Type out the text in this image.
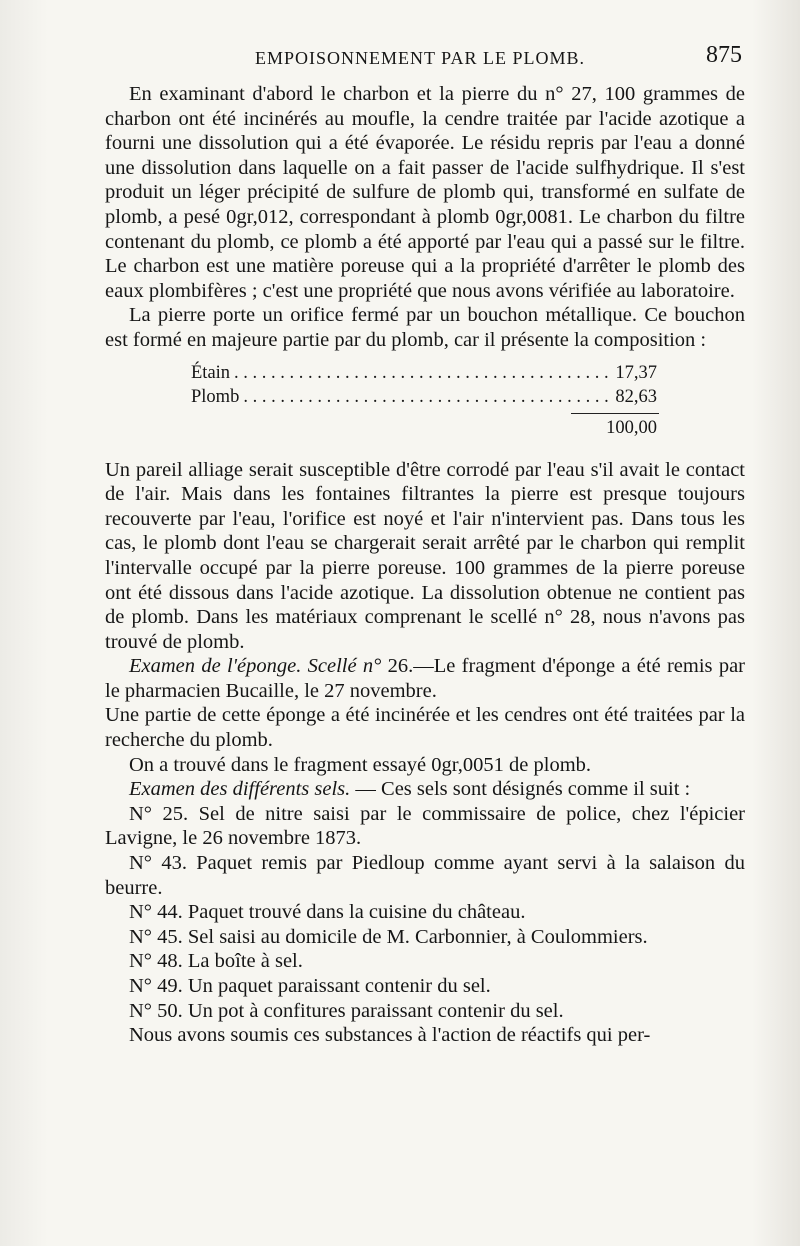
EMPOISONNEMENT PAR LE PLOMB.	875

En examinant d'abord le charbon et la pierre du n° 27, 100 grammes de charbon ont été incinérés au moufle, la cendre traitée par l'acide azotique a fourni une dissolution qui a été évaporée. Le résidu repris par l'eau a donné une dissolution dans laquelle on a fait passer de l'acide sulfhydrique. Il s'est produit un léger précipité de sulfure de plomb qui, transformé en sulfate de plomb, a pesé 0gr,012, correspondant à plomb 0gr,0081. Le charbon du filtre contenant du plomb, ce plomb a été apporté par l'eau qui a passé sur le filtre. Le charbon est une matière poreuse qui a la propriété d'arrêter le plomb des eaux plombifères ; c'est une propriété que nous avons vérifiée au laboratoire.

La pierre porte un orifice fermé par un bouchon métallique. Ce bouchon est formé en majeure partie par du plomb, car il présente la composition :

Étain . . .	17,37
Plomb . . .	82,63
100,00

Un pareil alliage serait susceptible d'être corrodé par l'eau s'il avait le contact de l'air. Mais dans les fontaines filtrantes la pierre est presque toujours recouverte par l'eau, l'orifice est noyé et l'air n'intervient pas. Dans tous les cas, le plomb dont l'eau se chargerait serait arrêté par le charbon qui remplit l'intervalle occupé par la pierre poreuse. 100 grammes de la pierre poreuse ont été dissous dans l'acide azotique. La dissolution obtenue ne contient pas de plomb. Dans les matériaux comprenant le scellé n° 28, nous n'avons pas trouvé de plomb.

Examen de l'éponge. Scellé n° 26.—Le fragment d'éponge a été remis par le pharmacien Bucaille, le 27 novembre.

Une partie de cette éponge a été incinérée et les cendres ont été traitées par la recherche du plomb.

On a trouvé dans le fragment essayé 0gr,0051 de plomb.

Examen des différents sels. — Ces sels sont désignés comme il suit :

N° 25. Sel de nitre saisi par le commissaire de police, chez l'épicier Lavigne, le 26 novembre 1873.

N° 43. Paquet remis par Piedloup comme ayant servi à la salaison du beurre.

N° 44. Paquet trouvé dans la cuisine du château.

N° 45. Sel saisi au domicile de M. Carbonnier, à Coulommiers.

N° 48. La boîte à sel.

N° 49. Un paquet paraissant contenir du sel.

N° 50. Un pot à confitures paraissant contenir du sel.

Nous avons soumis ces substances à l'action de réactifs qui per-
